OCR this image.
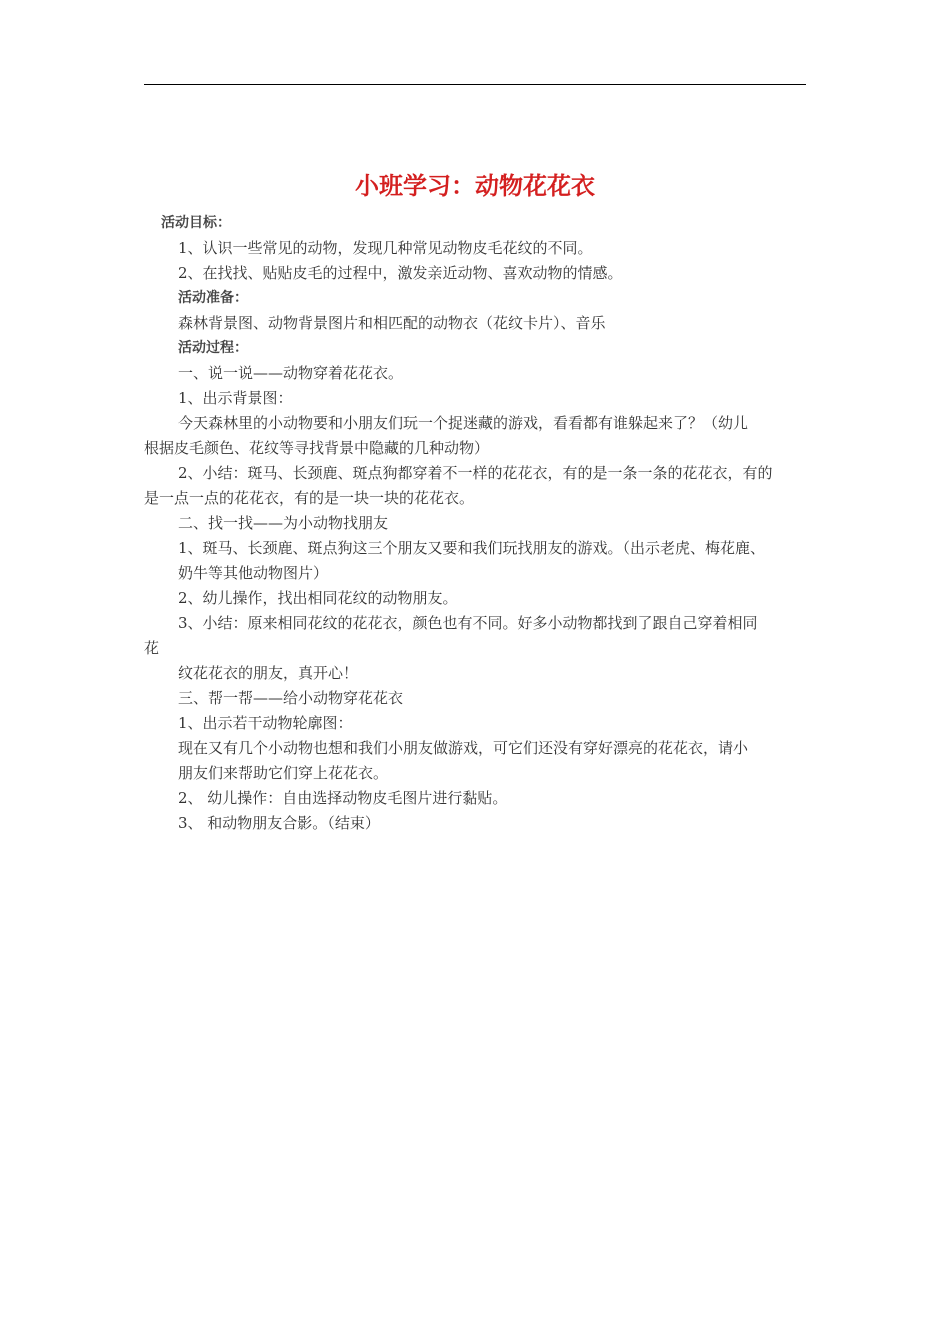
小班学习：动物花花衣
活动目标：
1、认识一些常见的动物，发现几种常见动物皮毛花纹的不同。
2、在找找、贴贴皮毛的过程中，激发亲近动物、喜欢动物的情感。
活动准备：
森林背景图、动物背景图片和相匹配的动物衣（花纹卡片）、音乐
活动过程：
一、说一说——动物穿着花花衣。
1、出示背景图：
今天森林里的小动物要和小朋友们玩一个捉迷藏的游戏，看看都有谁躲起来了？（幼儿
根据皮毛颜色、花纹等寻找背景中隐藏的几种动物）
2、小结：斑马、长颈鹿、斑点狗都穿着不一样的花花衣，有的是一条一条的花花衣，有的
是一点一点的花花衣，有的是一块一块的花花衣。
二、找一找——为小动物找朋友
1、斑马、长颈鹿、斑点狗这三个朋友又要和我们玩找朋友的游戏。（出示老虎、梅花鹿、
奶牛等其他动物图片）
2、幼儿操作，找出相同花纹的动物朋友。
3、小结：原来相同花纹的花花衣，颜色也有不同。好多小动物都找到了跟自己穿着相同
花
纹花花衣的朋友，真开心！
三、帮一帮——给小动物穿花花衣
1、出示若干动物轮廓图：
现在又有几个小动物也想和我们小朋友做游戏，可它们还没有穿好漂亮的花花衣，请小
朋友们来帮助它们穿上花花衣。
2、 幼儿操作：自由选择动物皮毛图片进行黏贴。
3、 和动物朋友合影。（结束）
